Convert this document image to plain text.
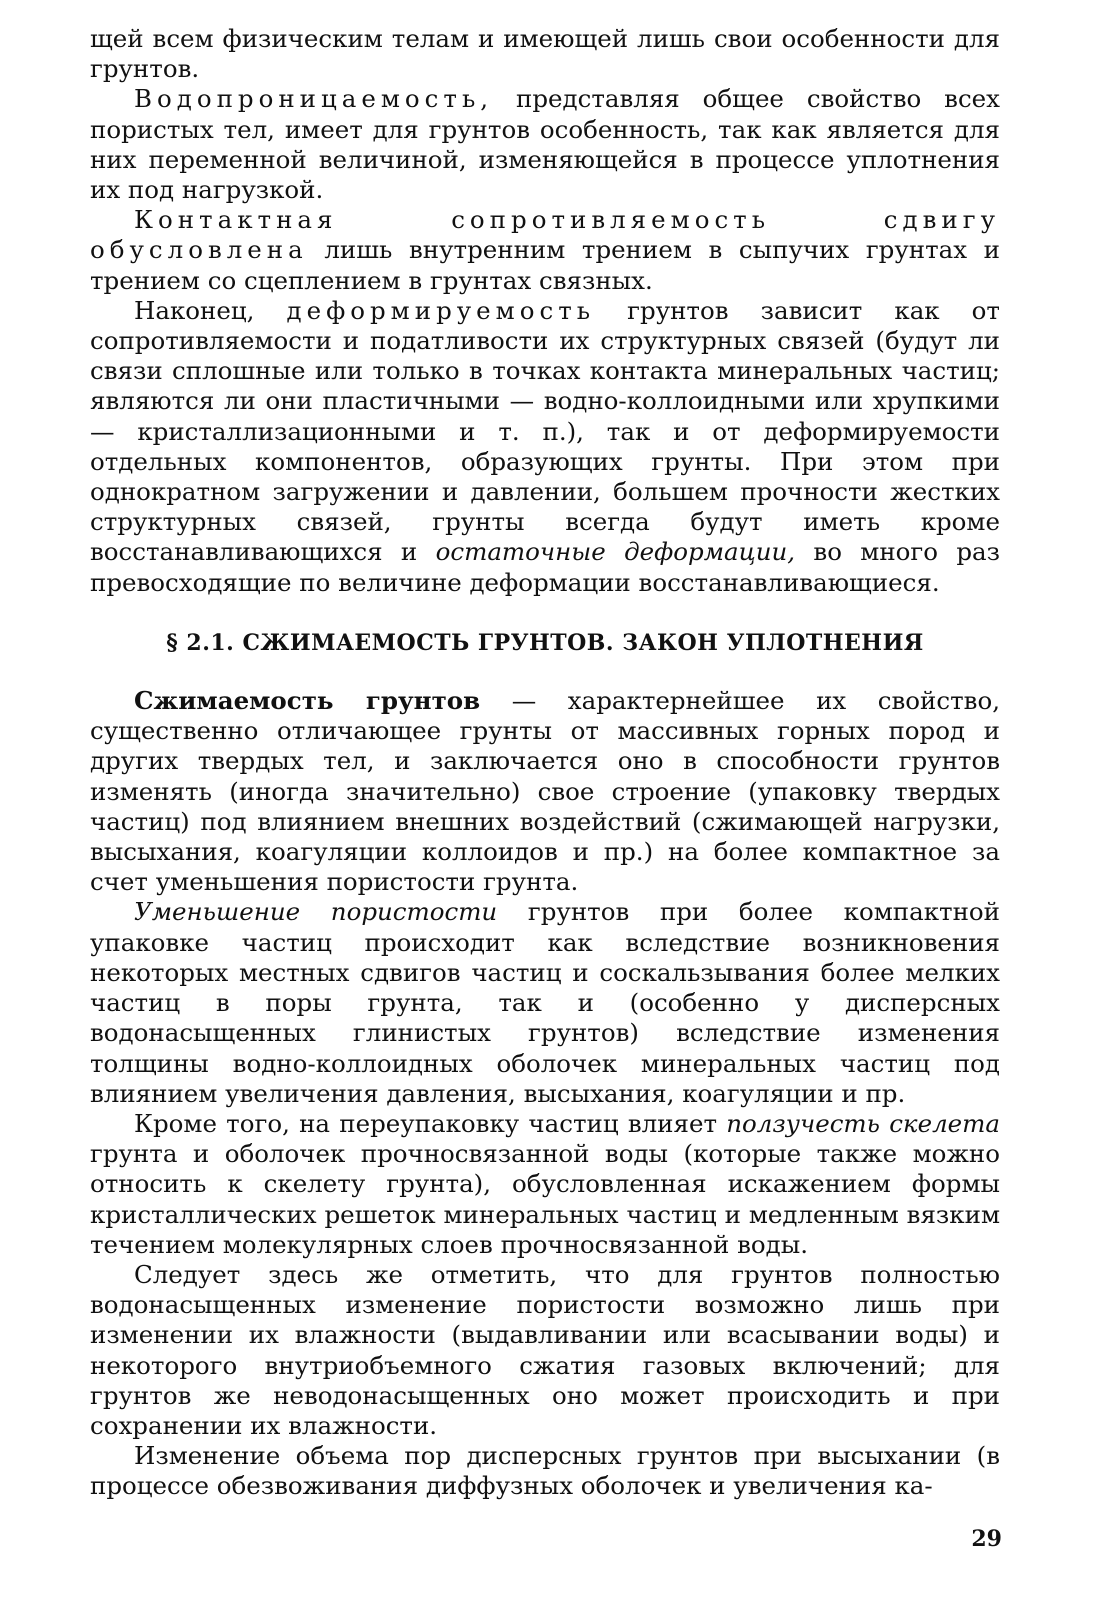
щей всем физическим телам и имеющей лишь свои особенности для грунтов.

Водопроницаемость, представляя общее свойство всех пористых тел, имеет для грунтов особенность, так как является для них переменной величиной, изменяющейся в процессе уплотнения их под нагрузкой.

Контактная сопротивляемость сдвигу обусловлена лишь внутренним трением в сыпучих грунтах и трением со сцеплением в грунтах связных.

Наконец, деформируемость грунтов зависит как от сопротивляемости и податливости их структурных связей (будут ли связи сплошные или только в точках контакта минеральных частиц; являются ли они пластичными — водно-коллоидными или хрупкими — кристаллизационными и т. п.), так и от деформируемости отдельных компонентов, образующих грунты. При этом при однократном загружении и давлении, большем прочности жестких структурных связей, грунты всегда будут иметь кроме восстанавливающихся и остаточные деформации, во много раз превосходящие по величине деформации восстанавливающиеся.

§ 2.1. СЖИМАЕМОСТЬ ГРУНТОВ. ЗАКОН УПЛОТНЕНИЯ

Сжимаемость грунтов — характернейшее их свойство, существенно отличающее грунты от массивных горных пород и других твердых тел, и заключается оно в способности грунтов изменять (иногда значительно) свое строение (упаковку твердых частиц) под влиянием внешних воздействий (сжимающей нагрузки, высыхания, коагуляции коллоидов и пр.) на более компактное за счет уменьшения пористости грунта.

Уменьшение пористости грунтов при более компактной упаковке частиц происходит как вследствие возникновения некоторых местных сдвигов частиц и соскальзывания более мелких частиц в поры грунта, так и (особенно у дисперсных водонасыщенных глинистых грунтов) вследствие изменения толщины водно-коллоидных оболочек минеральных частиц под влиянием увеличения давления, высыхания, коагуляции и пр.

Кроме того, на переупаковку частиц влияет ползучесть скелета грунта и оболочек прочносвязанной воды (которые также можно относить к скелету грунта), обусловленная искажением формы кристаллических решеток минеральных частиц и медленным вязким течением молекулярных слоев прочносвязанной воды.

Следует здесь же отметить, что для грунтов полностью водонасыщенных изменение пористости возможно лишь при изменении их влажности (выдавливании или всасывании воды) и некоторого внутриобъемного сжатия газовых включений; для грунтов же неводонасыщенных оно может происходить и при сохранении их влажности.

Изменение объема пор дисперсных грунтов при высыхании (в процессе обезвоживания диффузных оболочек и увеличения ка-

29
